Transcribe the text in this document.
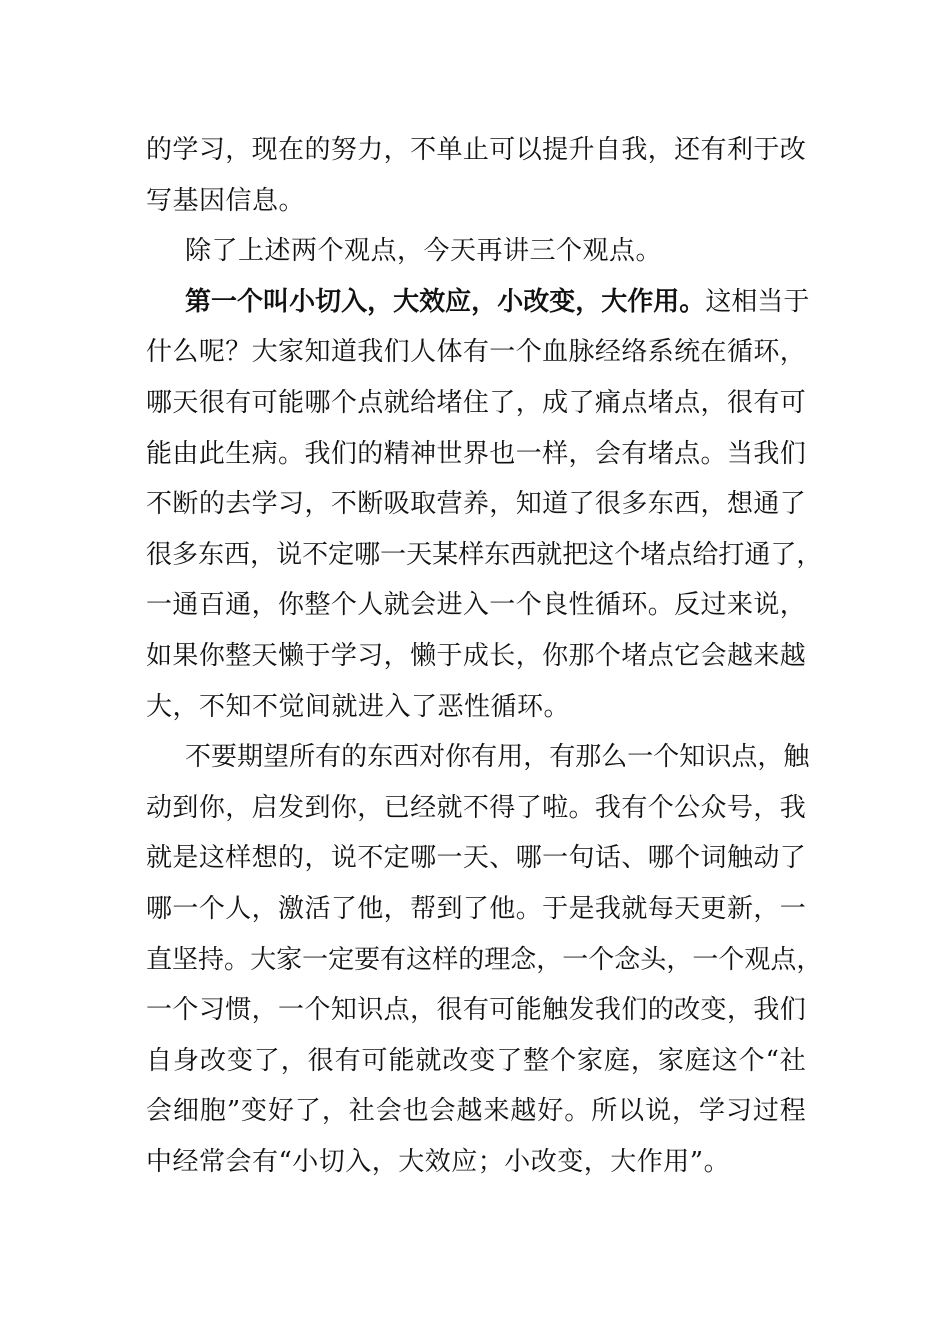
的 学 习 ， 现 在 的 努 力 ， 不 单 止 可 以 提 升 自 我 ， 还 有 利 于 改
写基因信息。
除了上述两个观点，今天再讲三个观点。
第 一 个 叫 小 切 入 ， 大 效 应 ， 小 改 变 ， 大 作 用 。 这 相 当 于
什 么 呢 ？ 大 家 知 道 我 们 人 体 有 一 个 血 脉 经 络 系 统 在 循 环 ，
哪 天 很 有 可 能 哪 个 点 就 给 堵 住 了 ， 成 了 痛 点 堵 点 ， 很 有 可
能 由 此 生 病 。 我 们 的 精 神 世 界 也 一 样 ， 会 有 堵 点 。 当 我 们
不 断 的 去 学 习 ， 不 断 吸 取 营 养 ， 知 道 了 很 多 东 西 ， 想 通 了
很 多 东 西 ， 说 不 定 哪 一 天 某 样 东 西 就 把 这 个 堵 点 给 打 通 了 ，
一 通 百 通 ， 你 整 个 人 就 会 进 入 一 个 良 性 循 环 。 反 过 来 说 ，
如 果 你 整 天 懒 于 学 习 ， 懒 于 成 长 ， 你 那 个 堵 点 它 会 越 来 越
大，不知不觉间就进入了恶性循环。
不 要 期 望 所 有 的 东 西 对 你 有 用 ， 有 那 么 一 个 知 识 点 ， 触
动 到 你 ， 启 发 到 你 ， 已 经 就 不 得 了 啦 。 我 有 个 公 众 号 ， 我
就 是 这 样 想 的 ， 说 不 定 哪 一 天 、 哪 一 句 话 、 哪 个 词 触 动 了
哪 一 个 人 ， 激 活 了 他 ， 帮 到 了 他 。 于 是 我 就 每 天 更 新 ， 一
直 坚 持 。 大 家 一 定 要 有 这 样 的 理 念 ， 一 个 念 头 ， 一 个 观 点 ，
一 个 习 惯 ， 一 个 知 识 点 ， 很 有 可 能 触 发 我 们 的 改 变 ， 我 们
自 身 改 变 了 ， 很 有 可 能 就 改 变 了 整 个 家 庭 ， 家 庭 这 个 “ 社
会 细 胞 ” 变 好 了 ， 社 会 也 会 越 来 越 好 。 所 以 说 ， 学 习 过 程
中经常会有“小切入，大效应；小改变，大作用”。
